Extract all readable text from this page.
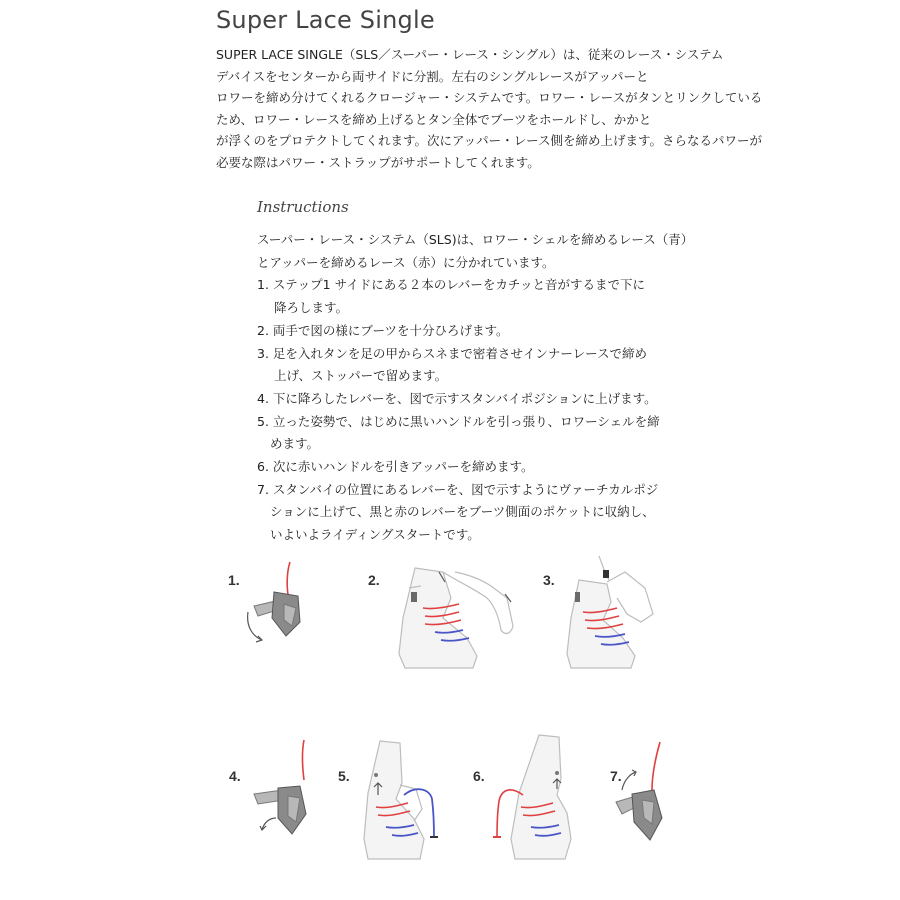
Super Lace Single
SUPER LACE SINGLE（SLS／スーパー・レース・シングル）は、従来のレース・システム
デバイスをセンターから両サイドに分割。左右のシングルレースがアッパーと
ロワーを締め分けてくれるクロージャー・システムです。ロワー・レースがタンとリンクしている
ため、ロワー・レースを締め上げるとタン全体でブーツをホールドし、かかと
が浮くのをプロテクトしてくれます。次にアッパー・レース側を締め上げます。さらなるパワーが
必要な際はパワー・ストラップがサポートしてくれます。
Instructions
スーパー・レース・システム（SLS)は、ロワー・シェルを締めるレース（青）
とアッパーを締めるレース（赤）に分かれています。
1. ステップ1 サイドにある２本のレバーをカチッと音がするまで下に
降ろします。
2. 両手で図の様にブーツを十分ひろげます。
3. 足を入れタンを足の甲からスネまで密着させインナーレースで締め
上げ、ストッパーで留めます。
4. 下に降ろしたレバーを、図で示すスタンバイポジションに上げます。
5. 立った姿勢で、はじめに黒いハンドルを引っ張り、ロワーシェルを締
めます。
6. 次に赤いハンドルを引きアッパーを締めます。
7. スタンバイの位置にあるレバーを、図で示すようにヴァーチカルポジ
ションに上げて、黒と赤のレバーをブーツ側面のポケットに収納し、
いよいよライディングスタートです。
1.	2.	3.
4.	5.	6.	7.
